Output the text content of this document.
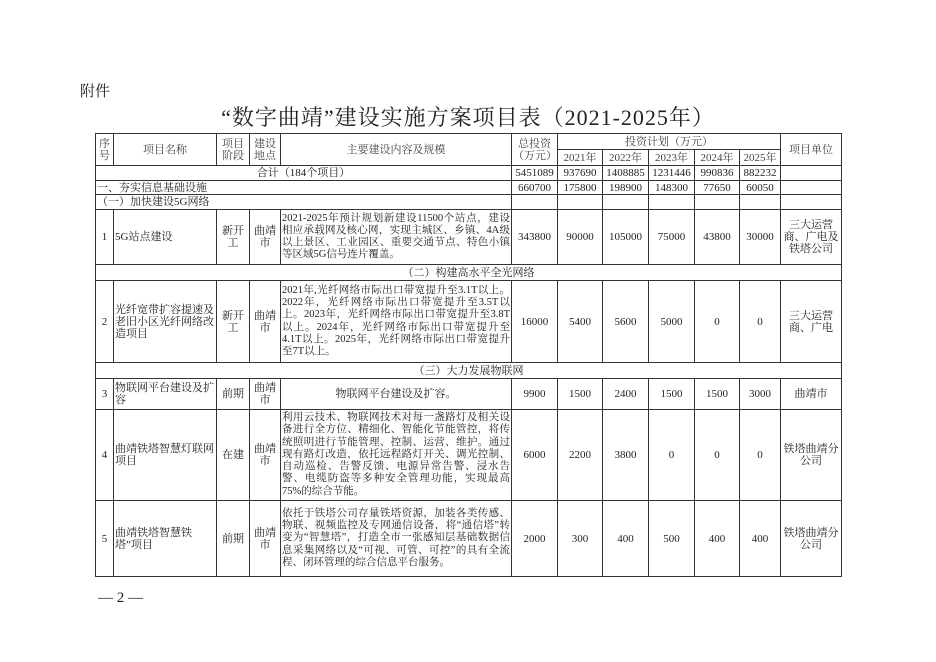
附件
“数字曲靖”建设实施方案项目表（2021-2025年）
序号	项目名称	项目阶段	建设地点	主要建设内容及规模	总投资（万元）	投资计划（万元）					项目单位
						2021年	2022年	2023年	2024年	2025年	
合计（184个项目）					5451089	937690	1408885	1231446	990836	882232	
一、夯实信息基础设施					660700	175800	198900	148300	77650	60050	
（一）加快建设5G网络											
1	5G站点建设	新开工	曲靖市	2021-2025年预计规划新建设11500个站点，建设相应承载网及核心网，实现主城区、乡镇、4A级以上景区、工业园区、重要交通节点、特色小镇等区域5G信号连片覆盖。	343800	90000	105000	75000	43800	30000	三大运营商、广电及铁塔公司
（二）构建高水平全光网络											
2	光纤宽带扩容提速及老旧小区光纤网络改造项目	新开工	曲靖市	2021年,光纤网络市际出口带宽提升至3.1T以上。2022年，光纤网络市际出口带宽提升至3.5T以上。2023年，光纤网络市际出口带宽提升至3.8T以上。2024年，光纤网络市际出口带宽提升至4.1T以上。2025年，光纤网络市际出口带宽提升至7T以上。	16000	5400	5600	5000	0	0	三大运营商、广电
（三）大力发展物联网											
3	物联网平台建设及扩容	前期	曲靖市	物联网平台建设及扩容。	9900	1500	2400	1500	1500	3000	曲靖市
4	曲靖铁塔智慧灯联网项目	在建	曲靖市	利用云技术、物联网技术对每一盏路灯及相关设备进行全方位、精细化、智能化节能管控，将传统照明进行节能管理、控制、运营、维护。通过现有路灯改造，依托远程路灯开关、调光控制、自动巡检、告警反馈、电源异常告警、浸水告警、电缆防盗等多种安全管理功能，实现最高75%的综合节能。	6000	2200	3800	0	0	0	铁塔曲靖分公司
5	曲靖铁塔智慧铁塔”项目	前期	曲靖市	依托于铁塔公司存量铁塔资源，加装各类传感、物联、视频监控及专网通信设备，将“通信塔”转变为“智慧塔”，打造全市一张感知层基础数据信息采集网络以及“可视、可管、可控”的具有全流程、闭环管理的综合信息平台服务。	2000	300	400	500	400	400	铁塔曲靖分公司
— 2 —
